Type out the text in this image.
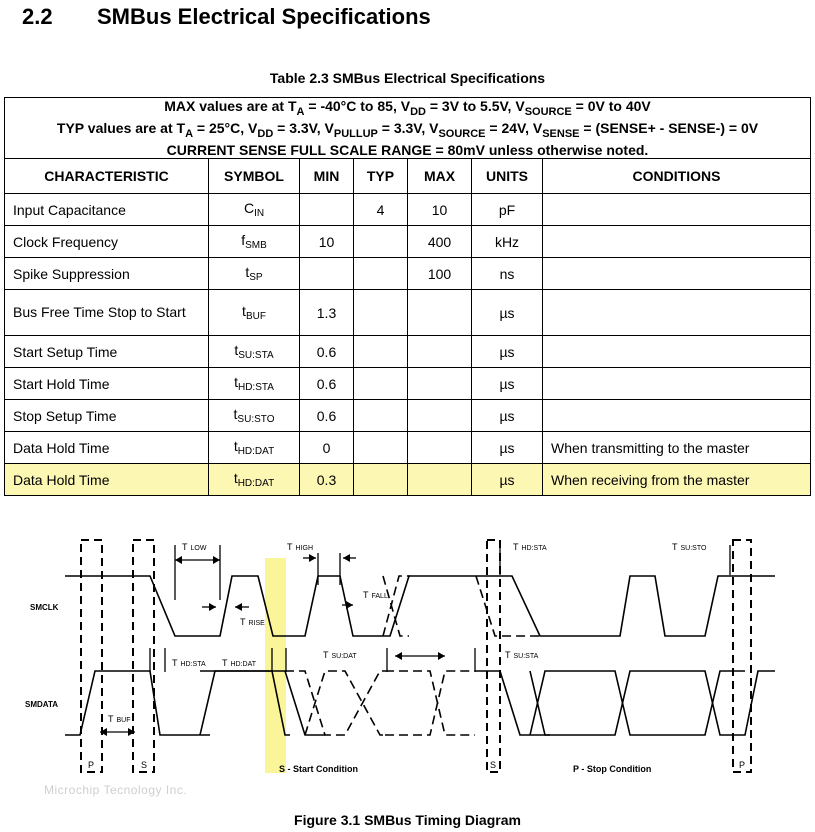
2.2 SMBus Electrical Specifications
Table 2.3 SMBus Electrical Specifications
MAX values are at $T_A = -40^\circ C$ to 85, $V_{DD} = 3V$ to 5.5V, $V_{SOURCE} = 0V$ to 40V
TYP values are at $T_A = 25^\circ C$, $V_{DD} = 3.3V$, $V_{PULLUP} = 3.3V$, $V_{SOURCE} = 24V$, $V_{SENSE}$ = (SENSE+ - SENSE-) = 0V
CURRENT SENSE FULL SCALE RANGE = 80mV unless otherwise noted.						

CHARACTERISTIC	SYMBOL	MIN	TYP	MAX	UNITS	CONDITIONS
Input Capacitance	$C_{IN}$		4	10	pF	
Clock Frequency	$f_{SMB}$	10		400	kHz	
Spike Suppression	$t_{SP}$			100	ns	
Bus Free Time Stop to Start	$t_{BUF}$	1.3			µs	
Start Setup Time	$t_{SU:STA}$	0.6			µs	
Start Hold Time	$t_{HD:STA}$	0.6			µs	
Stop Setup Time	$t_{SU:STO}$	0.6			µs	
Data Hold Time	$t_{HD:DAT}$	0			µs	When transmitting to the master
Data Hold Time	$t_{HD:DAT}$	0.3			µs	When receiving from the master
SMCLK
SMDATA
T LOW	T HIGH	T HD:STA	T SU:STO
T FALL
T RISE
T HD:STA T HD:DAT
T SU:DAT	T SU:STA
T BUF
P	S	S	P
S - Start Condition	P - Stop Condition
Microchip Tecnology Inc.
Figure 3.1 SMBus Timing Diagram
